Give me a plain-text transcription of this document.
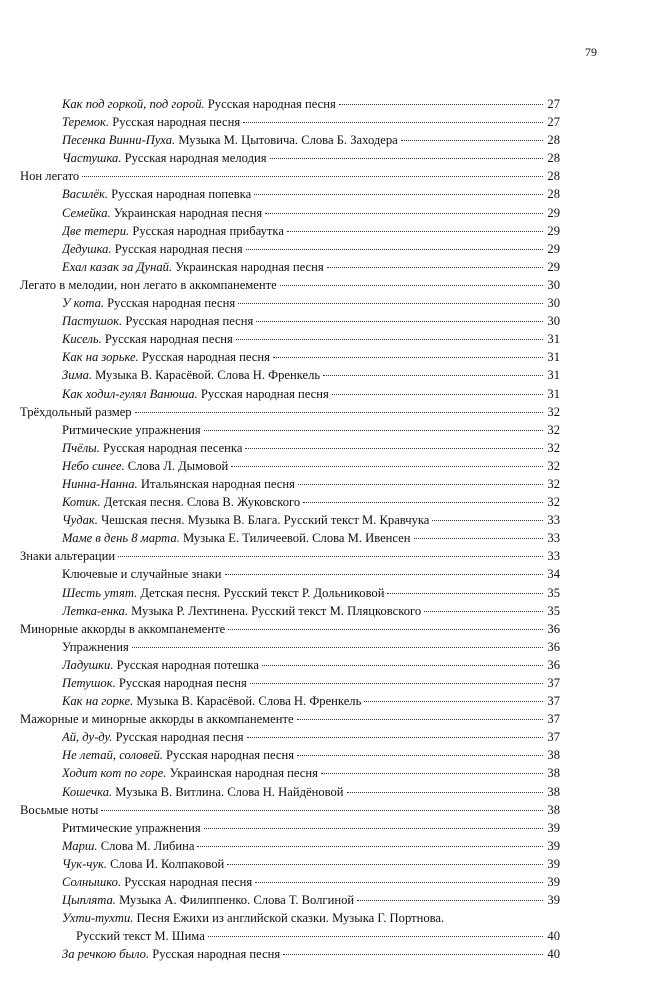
79
Как под горкой, под горой. Русская народная песня	27
Теремок. Русская народная песня	27
Песенка Винни-Пуха. Музыка М. Цытовича. Слова Б. Заходера	28
Частушка. Русская народная мелодия	28
Нон легато	28
Василёк. Русская народная попевка	28
Семейка. Украинская народная песня	29
Две тетери. Русская народная прибаутка	29
Дедушка. Русская народная песня	29
Ехал казак за Дунай. Украинская народная песня	29
Легато в мелодии, нон легато в аккомпанементе	30
У кота. Русская народная песня	30
Пастушок. Русская народная песня	30
Кисель. Русская народная песня	31
Как на зорьке. Русская народная песня	31
Зима. Музыка В. Карасёвой. Слова Н. Френкель	31
Как ходил-гулял Ванюша. Русская народная песня	31
Трёхдольный размер	32
Ритмические упражнения	32
Пчёлы. Русская народная песенка	32
Небо синее. Слова Л. Дымовой	32
Нинна-Нанна. Итальянская народная песня	32
Котик. Детская песня. Слова В. Жуковского	32
Чудак. Чешская песня. Музыка В. Блага. Русский текст М. Кравчука	33
Маме в день 8 марта. Музыка Е. Тиличеевой. Слова М. Ивенсен	33
Знаки альтерации	33
Ключевые и случайные знаки	34
Шесть утят. Детская песня. Русский текст Р. Дольниковой	35
Летка-енка. Музыка Р. Лехтинена. Русский текст М. Пляцковского	35
Минорные аккорды в аккомпанементе	36
Упражнения	36
Ладушки. Русская народная потешка	36
Петушок. Русская народная песня	37
Как на горке. Музыка В. Карасёвой. Слова Н. Френкель	37
Мажорные и минорные аккорды в аккомпанементе	37
Ай, ду-ду. Русская народная песня	37
Не летай, соловей. Русская народная песня	38
Ходит кот по горе. Украинская народная песня	38
Кошечка. Музыка В. Витлина. Слова Н. Найдёновой	38
Восьмые ноты	38
Ритмические упражнения	39
Марш. Слова М. Либина	39
Чук-чук. Слова И. Колпаковой	39
Солнышко. Русская народная песня	39
Цыплята. Музыка А. Филиппенко. Слова Т. Волгиной	39
Ухти-тухти. Песня Ежихи из английской сказки. Музыка Г. Портнова.
Русский текст М. Шима	40
За речкою было. Русская народная песня	40
